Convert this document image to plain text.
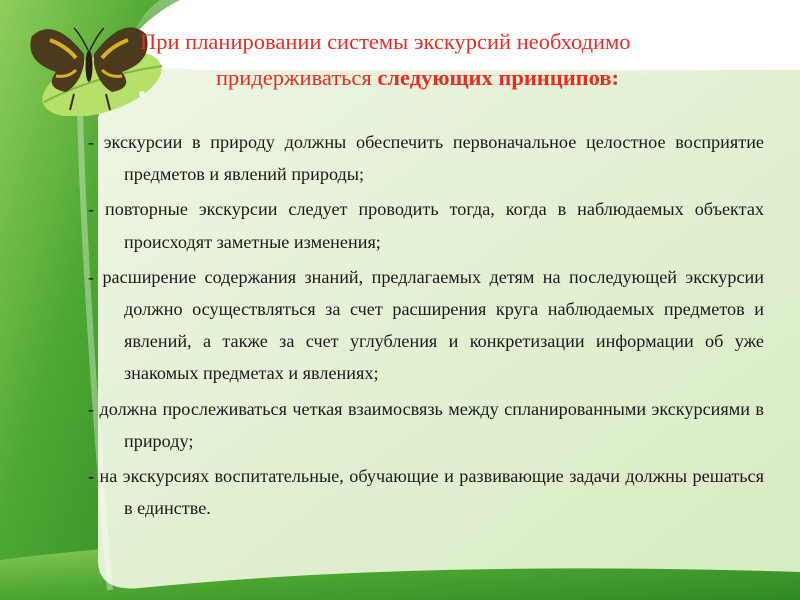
При планировании системы экскурсий необходимо
придерживаться следующих принципов:

- экскурсии в природу должны обеспечить первоначальное целостное восприятие предметов и явлений природы;

- повторные экскурсии следует проводить тогда, когда в наблюдаемых объектах происходят заметные изменения;

- расширение содержания знаний, предлагаемых детям на последующей экскурсии должно осуществляться за счет расширения круга наблюдаемых предметов и явлений, а также за счет углубления и конкретизации информации об уже знакомых предметах и явлениях;

- должна прослеживаться четкая взаимосвязь между спланированными экскурсиями в природу;

- на экскурсиях воспитательные, обучающие и развивающие задачи должны решаться в единстве.
